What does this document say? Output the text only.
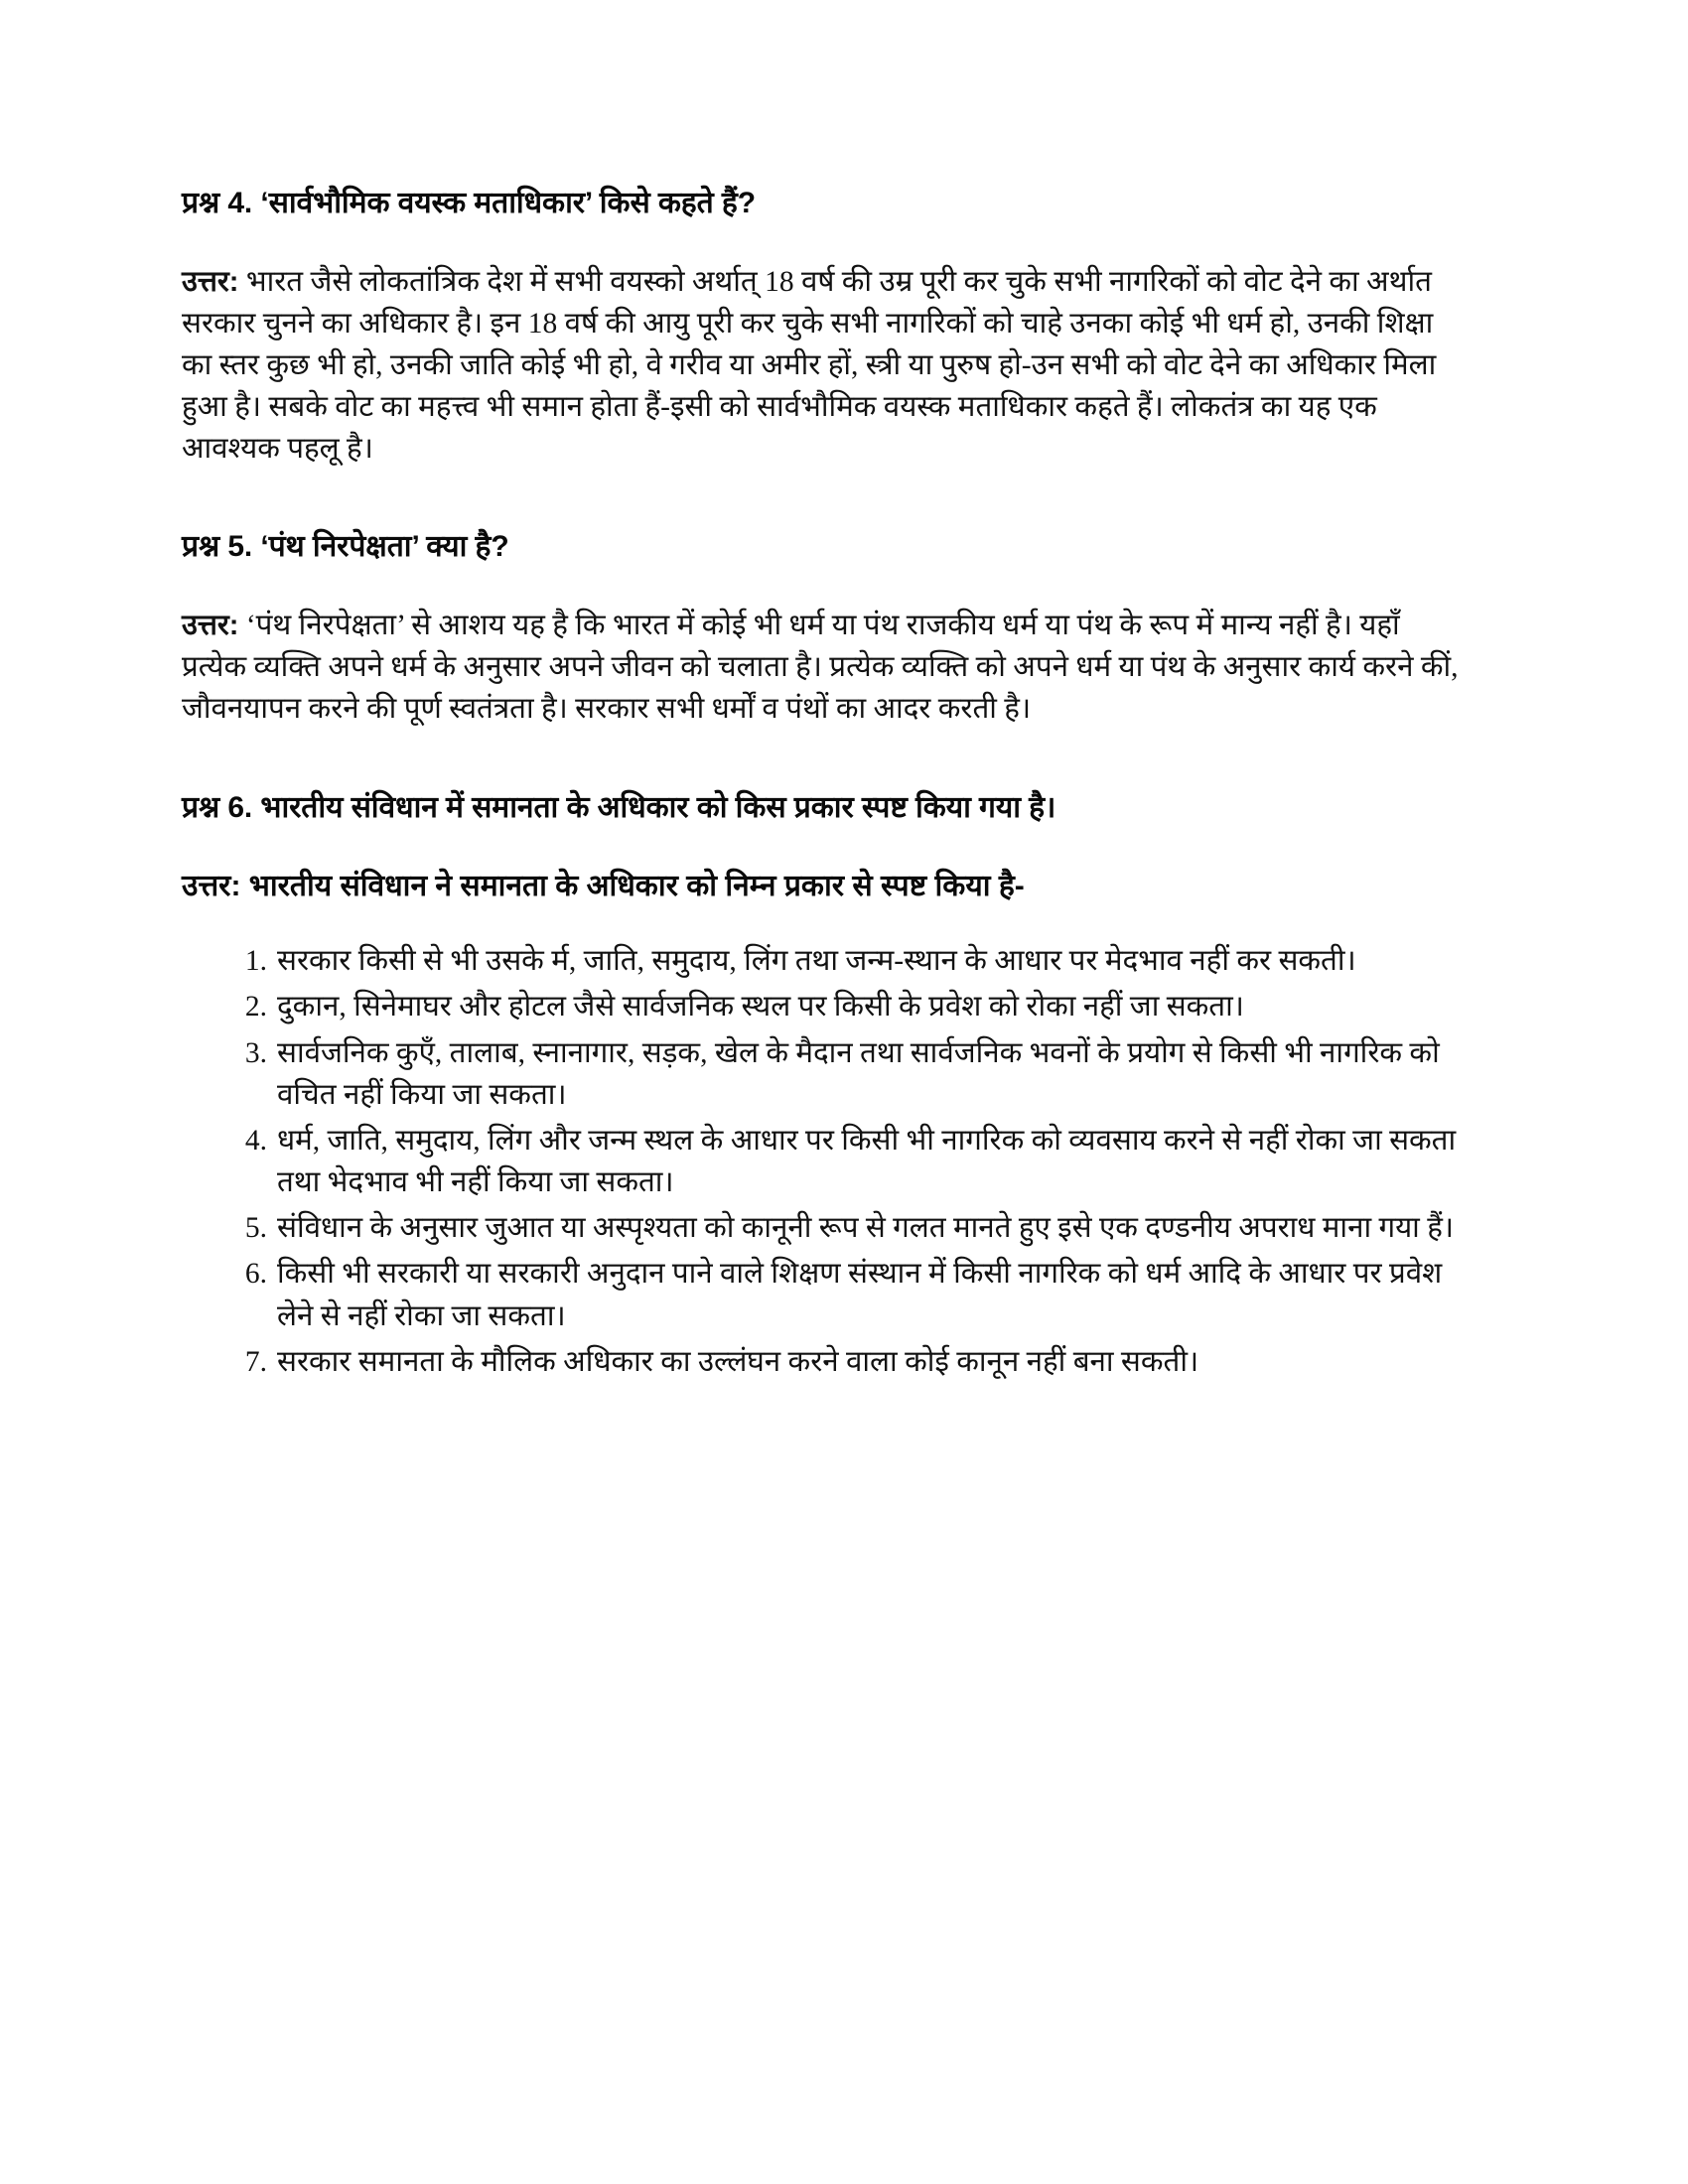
प्रश्न 4. ‘सार्वभौमिक वयस्क मताधिकार’ किसे कहते हैं?

उत्तर: भारत जैसे लोकतांत्रिक देश में सभी वयस्को अर्थात् 18 वर्ष की उम्र पूरी कर चुके सभी नागरिकों को वोट देने का अर्थात सरकार चुनने का अधिकार है। इन 18 वर्ष की आयु पूरी कर चुके सभी नागरिकों को चाहे उनका कोई भी धर्म हो, उनकी शिक्षा का स्तर कुछ भी हो, उनकी जाति कोई भी हो, वे गरीव या अमीर हों, स्त्री या पुरुष हो-उन सभी को वोट देने का अधिकार मिला हुआ है। सबके वोट का महत्त्व भी समान होता हैं-इसी को सार्वभौमिक वयस्क मताधिकार कहते हैं। लोकतंत्र का यह एक आवश्यक पहलू है।

प्रश्न 5. ‘पंथ निरपेक्षता’ क्या है?

उत्तर: ‘पंथ निरपेक्षता’ से आशय यह है कि भारत में कोई भी धर्म या पंथ राजकीय धर्म या पंथ के रूप में मान्य नहीं है। यहाँ प्रत्येक व्यक्ति अपने धर्म के अनुसार अपने जीवन को चलाता है। प्रत्येक व्यक्ति को अपने धर्म या पंथ के अनुसार कार्य करने कीं, जौवनयापन करने की पूर्ण स्वतंत्रता है। सरकार सभी धर्मों व पंथों का आदर करती है।

प्रश्न 6. भारतीय संविधान में समानता के अधिकार को किस प्रकार स्पष्ट किया गया है।

उत्तर: भारतीय संविधान ने समानता के अधिकार को निम्न प्रकार से स्पष्ट किया है-

सरकार किसी से भी उसके र्म, जाति, समुदाय, लिंग तथा जन्म-स्थान के आधार पर मेदभाव नहीं कर सकती।
दुकान, सिनेमाघर और होटल जैसे सार्वजनिक स्थल पर किसी के प्रवेश को रोका नहीं जा सकता।
सार्वजनिक कुएँ, तालाब, स्नानागार, सड़क, खेल के मैदान तथा सार्वजनिक भवनों के प्रयोग से किसी भी नागरिक को वचित नहीं किया जा सकता।
धर्म, जाति, समुदाय, लिंग और जन्म स्थल के आधार पर किसी भी नागरिक को व्यवसाय करने से नहीं रोका जा सकता तथा भेदभाव भी नहीं किया जा सकता।
संविधान के अनुसार जुआत या अस्पृश्यता को कानूनी रूप से गलत मानते हुए इसे एक दण्डनीय अपराध माना गया हैं।
किसी भी सरकारी या सरकारी अनुदान पाने वाले शिक्षण संस्थान में किसी नागरिक को धर्म आदि के आधार पर प्रवेश लेने से नहीं रोका जा सकता।
सरकार समानता के मौलिक अधिकार का उल्लंघन करने वाला कोई कानून नहीं बना सकती।
